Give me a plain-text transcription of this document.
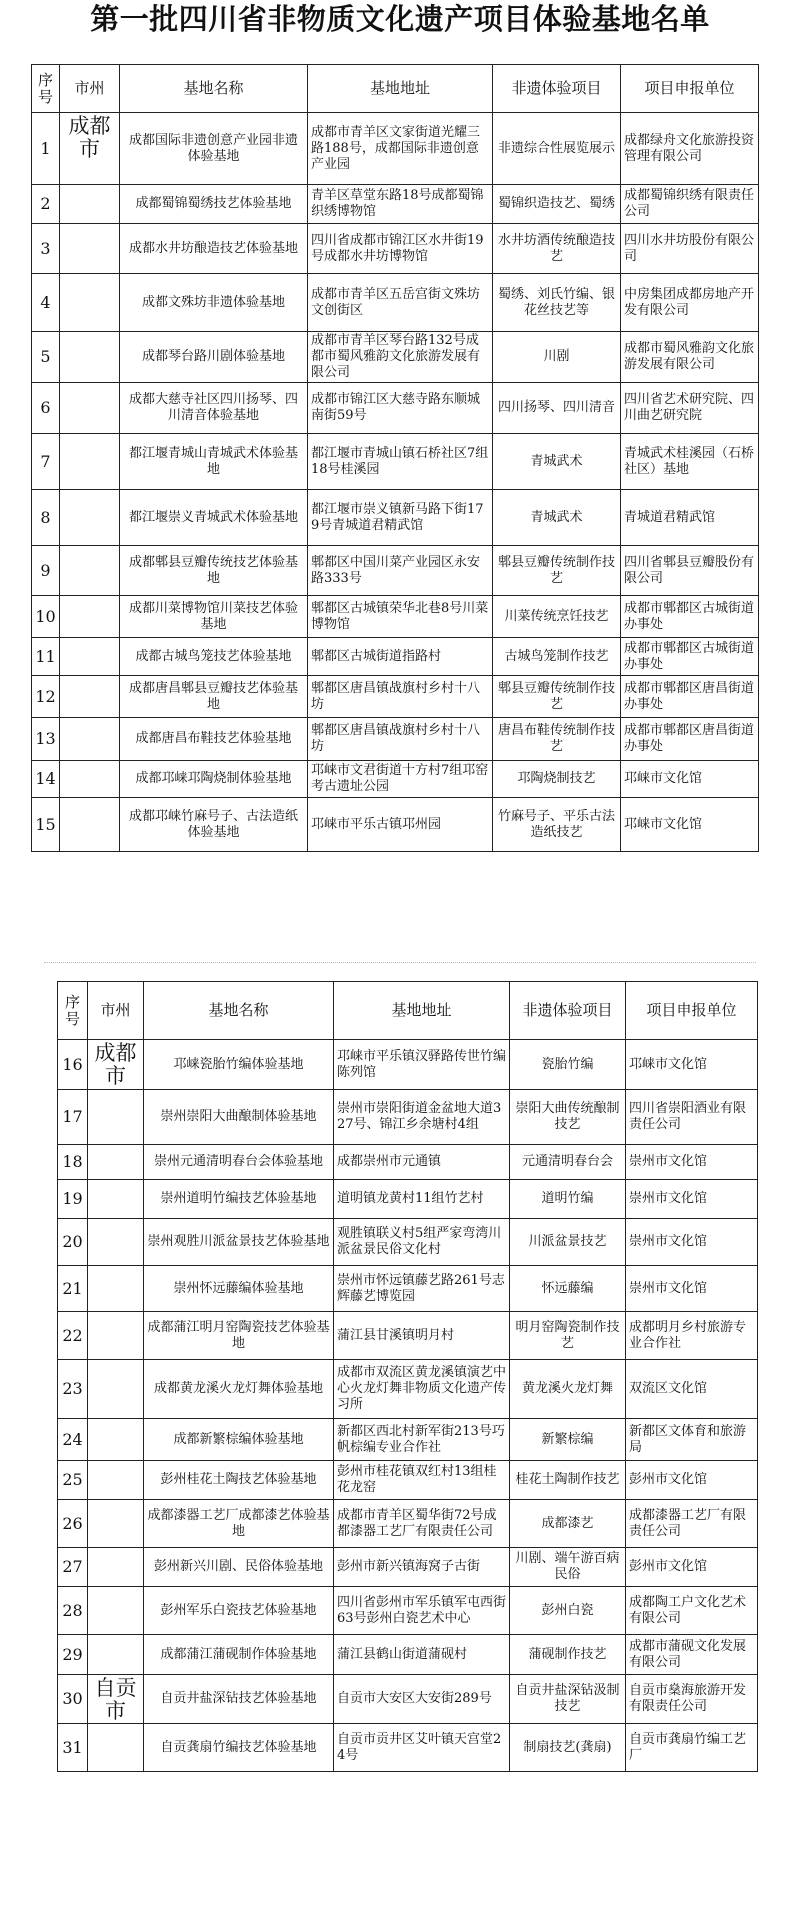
第一批四川省非物质文化遗产项目体验基地名单
序号	市州	基地名称	基地地址	非遗体验项目	项目申报单位
1	成都市	成都国际非遗创意产业园非遗体验基地	成都市青羊区文家街道光耀三路188号，成都国际非遗创意产业园	非遗综合性展览展示	成都绿舟文化旅游投资管理有限公司
2		成都蜀锦蜀绣技艺体验基地	青羊区草堂东路18号成都蜀锦织绣博物馆	蜀锦织造技艺、蜀绣	成都蜀锦织绣有限责任公司
3		成都水井坊酿造技艺体验基地	四川省成都市锦江区水井街19号成都水井坊博物馆	水井坊酒传统酿造技艺	四川水井坊股份有限公司
4		成都文殊坊非遗体验基地	成都市青羊区五岳宫街文殊坊文创街区	蜀绣、刘氏竹编、银花丝技艺等	中房集团成都房地产开发有限公司
5		成都琴台路川剧体验基地	成都市青羊区琴台路132号成都市蜀风雅韵文化旅游发展有限公司	川剧	成都市蜀风雅韵文化旅游发展有限公司
6		成都大慈寺社区四川扬琴、四川清音体验基地	成都市锦江区大慈寺路东顺城南街59号	四川扬琴、四川清音	四川省艺术研究院、四川曲艺研究院
7		都江堰青城山青城武术体验基地	都江堰市青城山镇石桥社区7组18号桂溪园	青城武术	青城武术桂溪园（石桥社区）基地
8		都江堰崇义青城武术体验基地	都江堰市崇义镇新马路下街179号青城道君精武馆	青城武术	青城道君精武馆
9		成都郫县豆瓣传统技艺体验基地	郫都区中国川菜产业园区永安路333号	郫县豆瓣传统制作技艺	四川省郫县豆瓣股份有限公司
10		成都川菜博物馆川菜技艺体验基地	郫都区古城镇荣华北巷8号川菜博物馆	川菜传统烹饪技艺	成都市郫都区古城街道办事处
11		成都古城鸟笼技艺体验基地	郫都区古城街道指路村	古城鸟笼制作技艺	成都市郫都区古城街道办事处
12		成都唐昌郫县豆瓣技艺体验基地	郫都区唐昌镇战旗村乡村十八坊	郫县豆瓣传统制作技艺	成都市郫都区唐昌街道办事处
13		成都唐昌布鞋技艺体验基地	郫都区唐昌镇战旗村乡村十八坊	唐昌布鞋传统制作技艺	成都市郫都区唐昌街道办事处
14		成都邛崃邛陶烧制体验基地	邛崃市文君街道十方村7组邛窑考古遗址公园	邛陶烧制技艺	邛崃市文化馆
15		成都邛崃竹麻号子、古法造纸体验基地	邛崃市平乐古镇邛州园	竹麻号子、平乐古法造纸技艺	邛崃市文化馆
序号	市州	基地名称	基地地址	非遗体验项目	项目申报单位
16	成都市	邛崃瓷胎竹编体验基地	邛崃市平乐镇汉驿路传世竹编陈列馆	瓷胎竹编	邛崃市文化馆
17		崇州崇阳大曲酿制体验基地	崇州市崇阳街道金盆地大道327号、锦江乡余塘村4组	崇阳大曲传统酿制技艺	四川省崇阳酒业有限责任公司
18		崇州元通清明春台会体验基地	成都崇州市元通镇	元通清明春台会	崇州市文化馆
19		崇州道明竹编技艺体验基地	道明镇龙黄村11组竹艺村	道明竹编	崇州市文化馆
20		崇州观胜川派盆景技艺体验基地	观胜镇联义村5组严家弯湾川派盆景民俗文化村	川派盆景技艺	崇州市文化馆
21		崇州怀远藤编体验基地	崇州市怀远镇藤艺路261号志辉藤艺博览园	怀远藤编	崇州市文化馆
22		成都蒲江明月窑陶瓷技艺体验基地	蒲江县甘溪镇明月村	明月窑陶瓷制作技艺	成都明月乡村旅游专业合作社
23		成都黄龙溪火龙灯舞体验基地	成都市双流区黄龙溪镇演艺中心火龙灯舞非物质文化遗产传习所	黄龙溪火龙灯舞	双流区文化馆
24		成都新繁棕编体验基地	新都区西北村新军街213号巧帆棕编专业合作社	新繁棕编	新都区文体育和旅游局
25		彭州桂花土陶技艺体验基地	彭州市桂花镇双红村13组桂花龙窑	桂花土陶制作技艺	彭州市文化馆
26		成都漆器工艺厂成都漆艺体验基地	成都市青羊区蜀华街72号成都漆器工艺厂有限责任公司	成都漆艺	成都漆器工艺厂有限责任公司
27		彭州新兴川剧、民俗体验基地	彭州市新兴镇海窝子古街	川剧、端午游百病民俗	彭州市文化馆
28		彭州军乐白瓷技艺体验基地	四川省彭州市军乐镇军屯西街63号彭州白瓷艺术中心	彭州白瓷	成都陶工户文化艺术有限公司
29		成都蒲江蒲砚制作体验基地	蒲江县鹤山街道蒲砚村	蒲砚制作技艺	成都市蒲砚文化发展有限公司
30	自贡市	自贡井盐深钻技艺体验基地	自贡市大安区大安街289号	自贡井盐深钻汲制技艺	自贡市燊海旅游开发有限责任公司
31		自贡龚扇竹编技艺体验基地	自贡市贡井区艾叶镇天宫堂24号	制扇技艺(龚扇)	自贡市龚扇竹编工艺厂
